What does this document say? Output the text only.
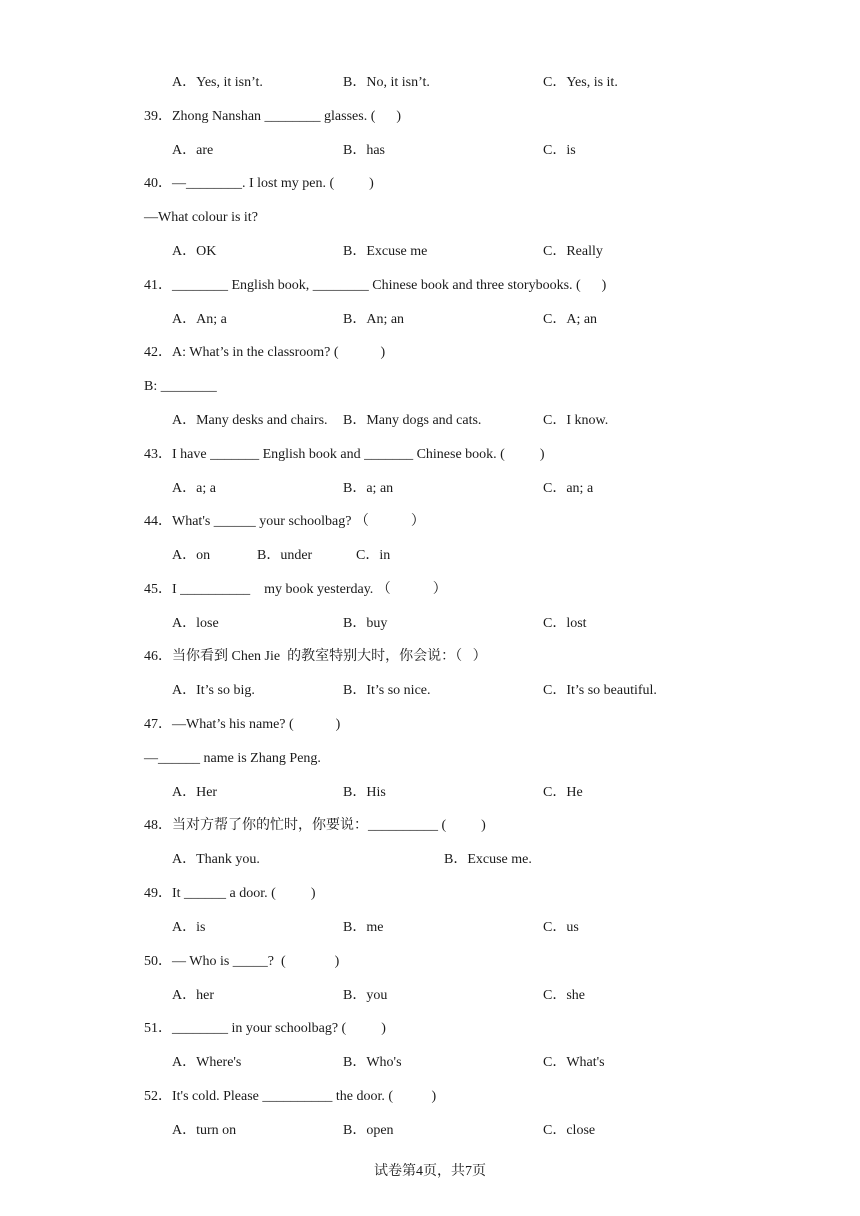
A．Yes, it isn’t.	B．No, it isn’t.	C．Yes, is it.
39．Zhong Nanshan ________ glasses. (      )
A．are	B．has	C．is
40．—________. I lost my pen. (          )
—What colour is it?
A．OK	B．Excuse me	C．Really
41．________ English book, ________ Chinese book and three storybooks. (      )
A．An; a	B．An; an	C．A; an
42．A: What’s in the classroom? (            )
B: ________
A．Many desks and chairs. B．Many dogs and cats.	C．I know.
43．I have _______ English book and _______ Chinese book. (          )
A．a; a	B．a; an	C．an; a
44．What's ______ your schoolbag? （            ）
A．on	B．under	C．in
45．I __________    my book yesterday. （            ）
A．lose	B．buy	C．lost
46．当你看到 Chen Jie  的教室特别大时，你会说：（   ）
A．It’s so big.	B．It’s so nice.	C．It’s so beautiful.
47．—What’s his name? (            )
—______ name is Zhang Peng.
A．Her	B．His	C．He
48．当对方帮了你的忙时，你要说：__________ (          )
A．Thank you.	B．Excuse me.
49．It ______ a door. (          )
A．is	B．me	C．us
50．— Who is _____?  (              )
A．her	B．you	C．she
51．________ in your schoolbag? (          )
A．Where's	B．Who's	C．What's
52．It's cold. Please __________ the door. (           )
A．turn on	B．open	C．close
试卷第4页，共7页
